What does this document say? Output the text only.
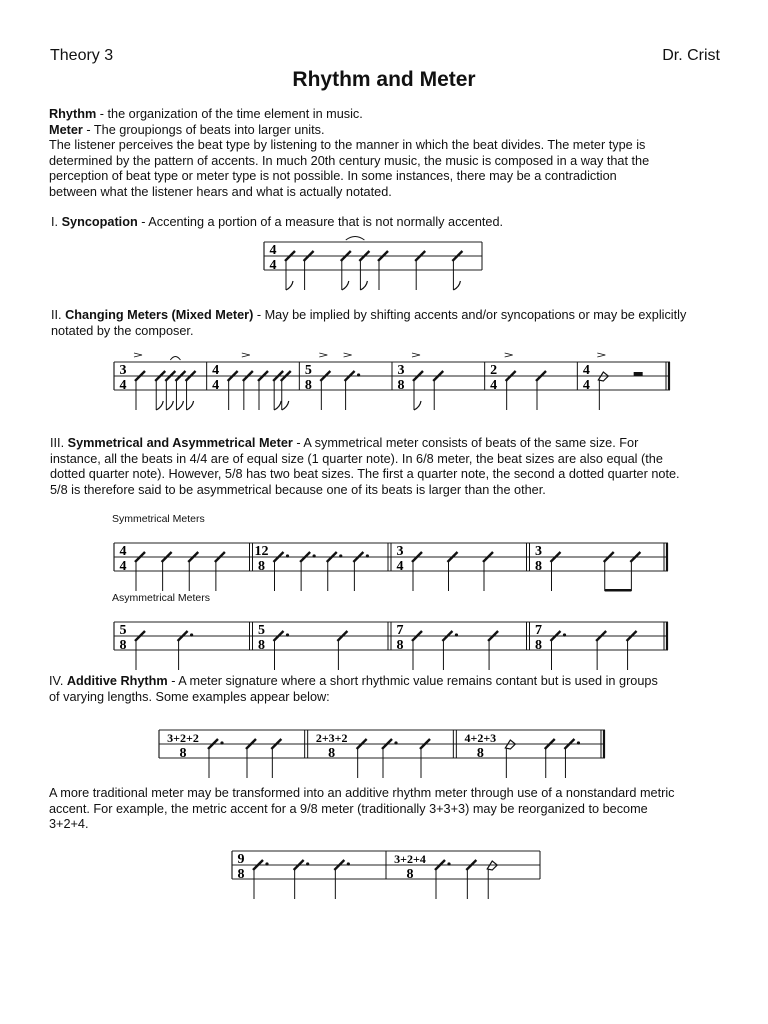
Theory 3	Dr. Crist
Rhythm and Meter
Rhythm - the organization of the time element in music.
Meter - The groupiongs of beats into larger units.
The listener perceives the beat type by listening to the manner in which the beat divides. The meter type is
determined by the pattern of accents. In much 20th century music, the music is composed in a way that the
perception of beat type or meter type is not possible. In some instances, there may be a contradiction
between what the listener hears and what is actually notated.
I. Syncopation - Accenting a portion of a measure that is not normally accented.
4
4
II. Changing Meters (Mixed Meter) - May be implied by shifting accents and/or syncopations or may be explicitly
notated by the composer.
3
4
4
4
5
8
3
8
2
4
4
4
III. Symmetrical and Asymmetrical Meter - A symmetrical meter consists of beats of the same size. For
instance, all the beats in 4/4 are of equal size (1 quarter note). In 6/8 meter, the beat sizes are also equal (the
dotted quarter note). However, 5/8 has two beat sizes. The first a quarter note, the second a dotted quarter note.
5/8 is therefore said to be asymmetrical because one of its beats is larger than the other.
Symmetrical Meters
4
4
12
8
3
4
3
8
Asymmetrical Meters
5
8
5
8
7
8
7
8
IV. Additive Rhythm - A meter signature where a short rhythmic value remains contant but is used in groups
of varying lengths. Some examples appear below:
3+2+2
8
2+3+2
8
4+2+3
8
A more traditional meter may be transformed into an additive rhythm meter through use of a nonstandard metric
accent. For example, the metric accent for a 9/8 meter (traditionally 3+3+3) may be reorganized to become
3+2+4.
9
8
3+2+4
8
